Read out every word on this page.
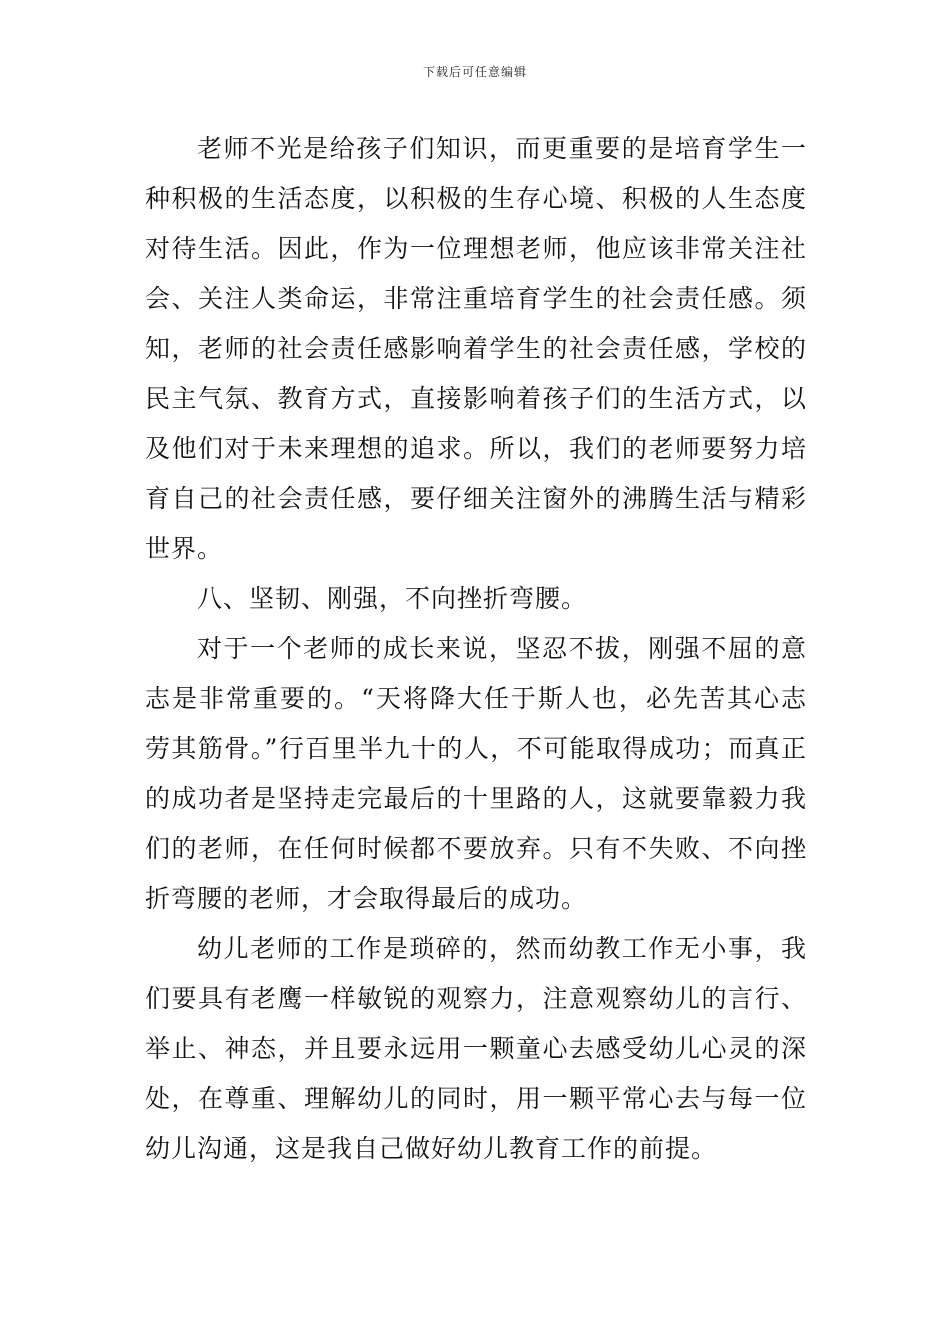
下载后可任意编辑

老师不光是给孩子们知识，而更重要的是培育学生一种积极的生活态度，以积极的生存心境、积极的人生态度对待生活。因此，作为一位理想老师，他应该非常关注社会、关注人类命运，非常注重培育学生的社会责任感。须知，老师的社会责任感影响着学生的社会责任感，学校的民主气氛、教育方式，直接影响着孩子们的生活方式，以及他们对于未来理想的追求。所以，我们的老师要努力培育自己的社会责任感，要仔细关注窗外的沸腾生活与精彩世界。

八、坚韧、刚强，不向挫折弯腰。

对于一个老师的成长来说，坚忍不拔，刚强不屈的意志是非常重要的。“天将降大任于斯人也，必先苦其心志劳其筋骨。”行百里半九十的人，不可能取得成功；而真正的成功者是坚持走完最后的十里路的人，这就要靠毅力我们的老师，在任何时候都不要放弃。只有不失败、不向挫折弯腰的老师，才会取得最后的成功。

幼儿老师的工作是琐碎的，然而幼教工作无小事，我们要具有老鹰一样敏锐的观察力，注意观察幼儿的言行、举止、神态，并且要永远用一颗童心去感受幼儿心灵的深处，在尊重、理解幼儿的同时，用一颗平常心去与每一位幼儿沟通，这是我自己做好幼儿教育工作的前提。
